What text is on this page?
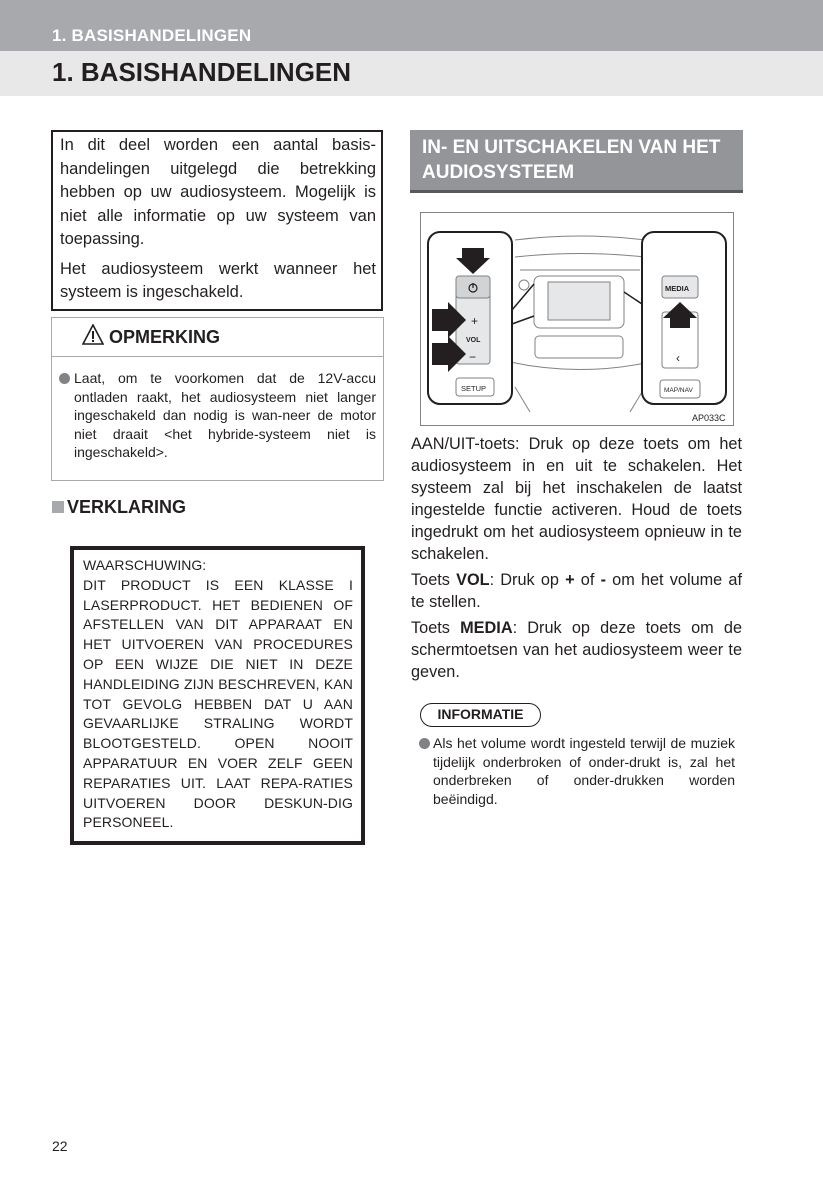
1. BASISHANDELINGEN
1. BASISHANDELINGEN

In dit deel worden een aantal basis-handelingen uitgelegd die betrekking hebben op uw audiosysteem. Mogelijk is niet alle informatie op uw systeem van toepassing.

Het audiosysteem werkt wanneer het systeem is ingeschakeld.

OPMERKING
Laat, om te voorkomen dat de 12V-accu ontladen raakt, het audiosysteem niet langer ingeschakeld dan nodig is wan-neer de motor niet draait <het hybride-systeem niet is ingeschakeld>.
VERKLARING

WAARSCHUWING:

DIT PRODUCT IS EEN KLASSE I LASERPRODUCT. HET BEDIENEN OF AFSTELLEN VAN DIT APPARAAT EN HET UITVOEREN VAN PROCEDURES OP EEN WIJZE DIE NIET IN DEZE HANDLEIDING ZIJN BESCHREVEN, KAN TOT GEVOLG HEBBEN DAT U AAN GEVAARLIJKE STRALING WORDT BLOOTGESTELD. OPEN NOOIT APPARATUUR EN VOER ZELF GEEN REPARATIES UIT. LAAT REPA-RATIES UITVOEREN DOOR DESKUN-DIG PERSONEEL.

IN- EN UITSCHAKELEN VAN HET AUDIOSYSTEEM
+
VOL
−
SETUP
MEDIA
‹
MAP/NAV
AP033C

AAN/UIT-toets: Druk op deze toets om het audiosysteem in en uit te schakelen. Het systeem zal bij het inschakelen de laatst ingestelde functie activeren. Houd de toets ingedrukt om het audiosysteem opnieuw in te schakelen.

Toets VOL: Druk op + of - om het volume af te stellen.

Toets MEDIA: Druk op deze toets om de schermtoetsen van het audiosysteem weer te geven.

INFORMATIE
Als het volume wordt ingesteld terwijl de muziek tijdelijk onderbroken of onder-drukt is, zal het onderbreken of onder-drukken worden beëindigd.
22
